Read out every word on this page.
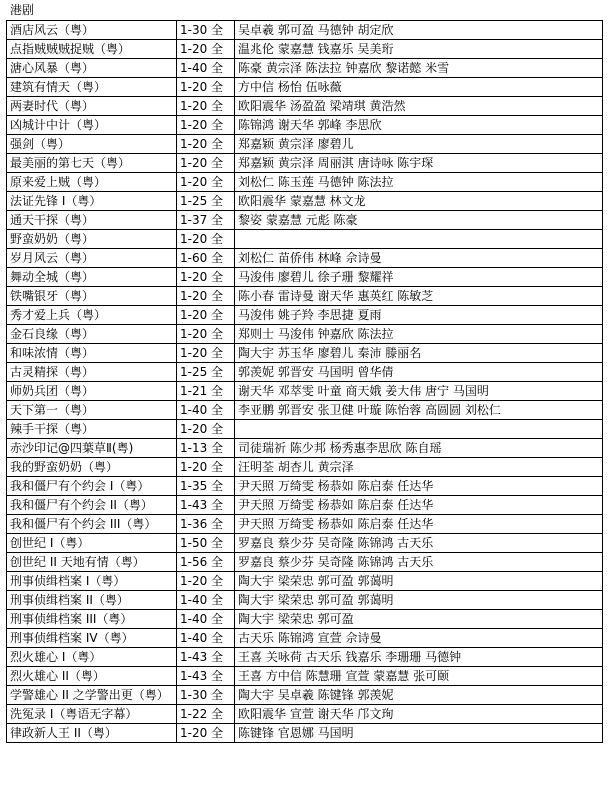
港剧
酒店风云（粤）	1-30 全	吴卓羲 郭可盈 马德钟 胡定欣
点指贼贼贼捉贼（粤）	1-20 全	温兆伦 蒙嘉慧 钱嘉乐 吴美珩
溏心风暴（粤）	1-40 全	陈豪 黄宗泽 陈法拉 钟嘉欣 黎诺懿 米雪
建筑有情天（粤）	1-20 全	方中信 杨怡 伍咏薇
两妻时代（粤）	1-20 全	欧阳震华 汤盈盈 梁靖琪 黄浩然
凶城计中计（粤）	1-20 全	陈锦鸿 谢天华 郭峰 李思欣
强剑（粤）	1-20 全	郑嘉颖 黄宗泽 廖碧儿
最美丽的第七天（粤）	1-20 全	郑嘉颖 黄宗泽 周丽淇 唐诗咏 陈宇琛
原来爱上贼（粤）	1-20 全	刘松仁 陈玉莲 马德钟 陈法拉
法证先锋 I（粤）	1-25 全	欧阳震华 蒙嘉慧 林文龙
通天干探（粤）	1-37 全	黎姿 蒙嘉慧 元彪 陈豪
野蛮奶奶（粤）	1-20 全	
岁月风云（粤）	1-60 全	刘松仁 苗侨伟 林峰 佘诗曼
舞动全城（粤）	1-20 全	马浚伟 廖碧儿 徐子珊 黎耀祥
铁嘴银牙（粤）	1-20 全	陈小春 雷诗曼 谢天华 惠英红 陈敏芝
秀才爱上兵（粤）	1-20 全	马浚伟 姚子羚 李思捷 夏雨
金石良缘（粤）	1-20 全	郑则士 马浚伟 钟嘉欣 陈法拉
和味浓情（粤）	1-20 全	陶大宇 苏玉华 廖碧儿 秦沛 滕丽名
古灵精探（粤）	1-25 全	郭羡妮 郭晋安 马国明 曾华倩
师奶兵团（粤）	1-21 全	谢天华 邓萃雯 叶童 商天娥 姜大伟 唐宁 马国明
天下第一（粤）	1-40 全	李亚鹏 郭晋安 张卫健 叶璇 陈怡蓉 高圆圆 刘松仁
辣手干探（粤）	1-20 全	
赤沙印记@四葉草Ⅱ(粤)	1-13 全	司徒瑞祈 陈少邦 杨秀惠李思欣 陈自瑶
我的野蛮奶奶（粤）	1-20 全	汪明荃 胡杏儿 黄宗泽
我和僵尸有个约会 I（粤）	1-35 全	尹天照 万绮雯 杨恭如 陈启泰 任达华
我和僵尸有个约会 II（粤）	1-43 全	尹天照 万绮雯 杨恭如 陈启泰 任达华
我和僵尸有个约会 III（粤）	1-36 全	尹天照 万绮雯 杨恭如 陈启泰 任达华
创世纪 I（粤）	1-50 全	罗嘉良 蔡少芬 吴奇隆 陈锦鸿 古天乐
创世纪 II 天地有情（粤）	1-56 全	罗嘉良 蔡少芬 吴奇隆 陈锦鸿 古天乐
刑事侦缉档案 I（粤）	1-20 全	陶大宇 梁荣忠 郭可盈 郭蔼明
刑事侦缉档案 II（粤）	1-40 全	陶大宇 梁荣忠 郭可盈 郭蔼明
刑事侦缉档案 III（粤）	1-40 全	陶大宇 梁荣忠 郭可盈
刑事侦缉档案 IV（粤）	1-40 全	古天乐 陈锦鸿 宣萱 佘诗曼
烈火雄心 I（粤）	1-43 全	王喜 关咏荷 古天乐 钱嘉乐 李珊珊 马德钟
烈火雄心 II（粤）	1-43 全	王喜 方中信 陈慧珊 宣萱 蒙嘉慧 张可颐
学警雄心 II 之学警出更（粤）	1-30 全	陶大宇 吴卓羲 陈键锋 郭羡妮
洗冤录 I（粤语无字幕）	1-22 全	欧阳震华 宣萱 谢天华 邝文珣
律政新人王 II（粤）	1-20 全	陈键锋 官恩娜 马国明
